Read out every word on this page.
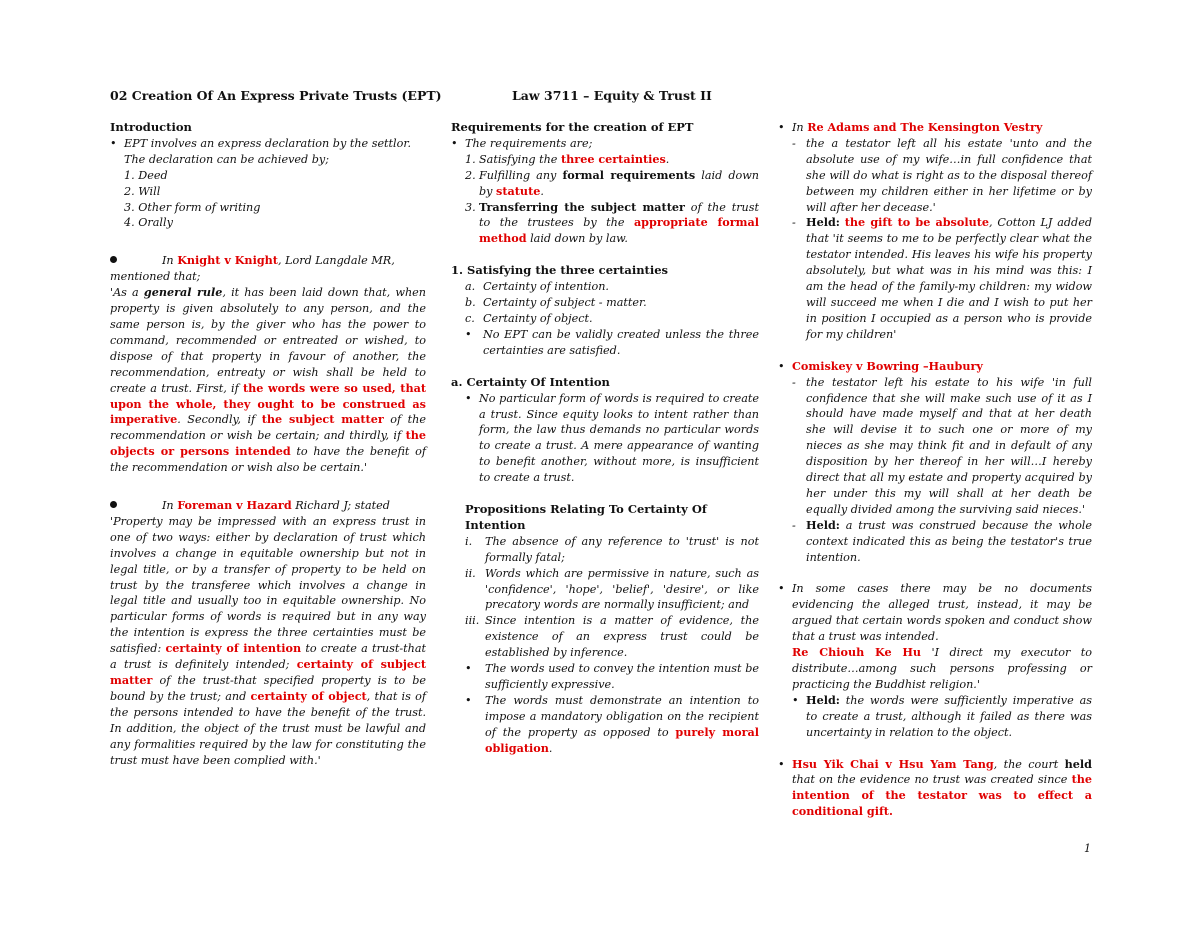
02 Creation Of An Express Private Trusts (EPT)	Law 3711 – Equity & Trust II
Introduction
• EPT involves an express declaration by the settlor.
The declaration can be achieved by;
1. Deed
2. Will
3. Other form of writing
4. Orally
In Knight v Knight, Lord Langdale MR,
mentioned that;
'As a general rule, it has been laid down that, when property is given absolutely to any person, and the same person is, by the giver who has the power to command, recommended or entreated or wished, to dispose of that property in favour of another, the recommendation, entreaty or wish shall be held to create a trust. First, if the words were so used, that upon the whole, they ought to be construed as imperative. Secondly, if the subject matter of the recommendation or wish be certain; and thirdly, if the objects or persons intended to have the benefit of the recommendation or wish also be certain.'
In Foreman v Hazard Richard J; stated
'Property may be impressed with an express trust in one of two ways: either by declaration of trust which involves a change in equitable ownership but not in legal title, or by a transfer of property to be held on trust by the transferee which involves a change in legal title and usually too in equitable ownership. No particular forms of words is required but in any way the intention is express the three certainties must be satisfied: certainty of intention to create a trust-that a trust is definitely intended; certainty of subject matter of the trust-that specified property is to be bound by the trust; and certainty of object, that is of the persons intended to have the benefit of the trust. In addition, the object of the trust must be lawful and any formalities required by the law for constituting the trust must have been complied with.'
Requirements for the creation of EPT
• The requirements are;
1. Satisfying the three certainties.
2. Fulfilling any formal requirements laid down by statute.
3. Transferring the subject matter of the trust to the trustees by the appropriate formal method laid down by law.
1. Satisfying the three certainties
a. Certainty of intention.
b. Certainty of subject - matter.
c. Certainty of object.
•	No EPT can be validly created unless the three certainties are satisfied.
a. Certainty Of Intention
• No particular form of words is required to create a trust. Since equity looks to intent rather than form, the law thus demands no particular words to create a trust. A mere appearance of wanting to benefit another, without more, is insufficient to create a trust.
Propositions Relating To Certainty Of Intention
i.	The absence of any reference to 'trust' is not formally fatal;
ii. Words which are permissive in nature, such as 'confidence', 'hope', 'belief', 'desire', or like precatory words are normally insufficient; and
iii. Since intention is a matter of evidence, the existence of an express trust could be established by inference.
•	The words used to convey the intention must be sufficiently expressive.
•	The words must demonstrate an intention to impose a mandatory obligation on the recipient of the property as opposed to purely moral obligation.
• In Re Adams and The Kensington Vestry
- the a testator left all his estate 'unto and the absolute use of my wife…in full confidence that she will do what is right as to the disposal thereof between my children either in her lifetime or by will after her decease.'
- Held: the gift to be absolute, Cotton LJ added that 'it seems to me to be perfectly clear what the testator intended. His leaves his wife his property absolutely, but what was in his mind was this: I am the head of the family-my children: my widow will succeed me when I die and I wish to put her in position I occupied as a person who is provide for my children'
• Comiskey v Bowring –Haubury
- the testator left his estate to his wife 'in full confidence that she will make such use of it as I should have made myself and that at her death she will devise it to such one or more of my nieces as she may think fit and in default of any disposition by her thereof in her will…I hereby direct that all my estate and property acquired by her under this my will shall at her death be equally divided among the surviving said nieces.'
- Held: a trust was construed because the whole context indicated this as being the testator's true intention.
• In some cases there may be no documents evidencing the alleged trust, instead, it may be argued that certain words spoken and conduct show that a trust was intended.
Re Chiouh Ke Hu 'I direct my executor to distribute…among such persons professing or practicing the Buddhist religion.'
• Held: the words were sufficiently imperative as to create a trust, although it failed as there was uncertainty in relation to the object.
• Hsu Yik Chai v Hsu Yam Tang, the court held that on the evidence no trust was created since the intention of the testator was to effect a conditional gift.
1
